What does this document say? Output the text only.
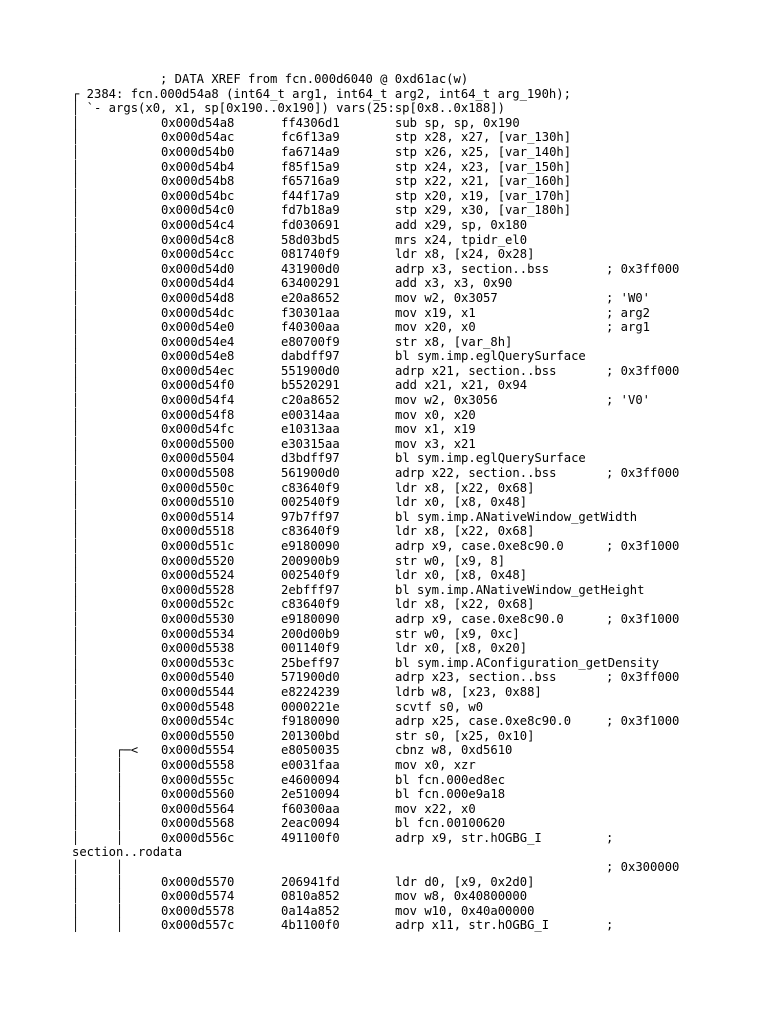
; DATA XREF from fcn.000d6040 @ 0xd61ac(w)

┌ 2384: fcn.000d54a8 (int64_t arg1, int64_t arg2, int64_t arg_190h);

│ `- args(x0, x1, sp[0x190..0x190]) vars(25:sp[0x8..0x188])

│	0x000d54a8	ff4306d1	sub sp, sp, 0x190
│	0x000d54ac	fc6f13a9	stp x28, x27, [var_130h]
│	0x000d54b0	fa6714a9	stp x26, x25, [var_140h]
│	0x000d54b4	f85f15a9	stp x24, x23, [var_150h]
│	0x000d54b8	f65716a9	stp x22, x21, [var_160h]
│	0x000d54bc	f44f17a9	stp x20, x19, [var_170h]
│	0x000d54c0	fd7b18a9	stp x29, x30, [var_180h]
│	0x000d54c4	fd030691	add x29, sp, 0x180
│	0x000d54c8	58d03bd5	mrs x24, tpidr_el0
│	0x000d54cc	081740f9	ldr x8, [x24, 0x28]
│	0x000d54d0	431900d0	adrp x3, section..bss	; 0x3ff000
│	0x000d54d4	63400291	add x3, x3, 0x90
│	0x000d54d8	e20a8652	mov w2, 0x3057	; 'W0'
│	0x000d54dc	f30301aa	mov x19, x1	; arg2
│	0x000d54e0	f40300aa	mov x20, x0	; arg1
│	0x000d54e4	e80700f9	str x8, [var_8h]
│	0x000d54e8	dabdff97	bl sym.imp.eglQuerySurface
│	0x000d54ec	551900d0	adrp x21, section..bss	; 0x3ff000
│	0x000d54f0	b5520291	add x21, x21, 0x94
│	0x000d54f4	c20a8652	mov w2, 0x3056	; 'V0'
│	0x000d54f8	e00314aa	mov x0, x20
│	0x000d54fc	e10313aa	mov x1, x19
│	0x000d5500	e30315aa	mov x3, x21
│	0x000d5504	d3bdff97	bl sym.imp.eglQuerySurface
│	0x000d5508	561900d0	adrp x22, section..bss	; 0x3ff000
│	0x000d550c	c83640f9	ldr x8, [x22, 0x68]
│	0x000d5510	002540f9	ldr x0, [x8, 0x48]
│	0x000d5514	97b7ff97	bl sym.imp.ANativeWindow_getWidth
│	0x000d5518	c83640f9	ldr x8, [x22, 0x68]
│	0x000d551c	e9180090	adrp x9, case.0xe8c90.0	; 0x3f1000
│	0x000d5520	200900b9	str w0, [x9, 8]
│	0x000d5524	002540f9	ldr x0, [x8, 0x48]
│	0x000d5528	2ebfff97	bl sym.imp.ANativeWindow_getHeight
│	0x000d552c	c83640f9	ldr x8, [x22, 0x68]
│	0x000d5530	e9180090	adrp x9, case.0xe8c90.0	; 0x3f1000
│	0x000d5534	200d00b9	str w0, [x9, 0xc]
│	0x000d5538	001140f9	ldr x0, [x8, 0x20]
│	0x000d553c	25beff97	bl sym.imp.AConfiguration_getDensity
│	0x000d5540	571900d0	adrp x23, section..bss	; 0x3ff000
│	0x000d5544	e8224239	ldrb w8, [x23, 0x88]
│	0x000d5548	0000221e	scvtf s0, w0
│	0x000d554c	f9180090	adrp x25, case.0xe8c90.0	; 0x3f1000
│	0x000d5550	201300bd	str s0, [x25, 0x10]
│     ┌─< 0x000d5554	e8050035	cbnz w8, 0xd5610
│     │	0x000d5558	e0031faa	mov x0, xzr
│     │	0x000d555c	e4600094	bl fcn.000ed8ec
│     │	0x000d5560	2e510094	bl fcn.000e9a18
│     │	0x000d5564	f60300aa	mov x22, x0
│     │	0x000d5568	2eac0094	bl fcn.00100620
│     │	0x000d556c	491100f0	adrp x9, str.hOGBG_I	;

section..rodata

│     │

	; 0x300000

│     │	0x000d5570	206941fd	ldr d0, [x9, 0x2d0]
│     │	0x000d5574	0810a852	mov w8, 0x40800000
│     │	0x000d5578	0a14a852	mov w10, 0x40a00000
│     │	0x000d557c	4b1100f0	adrp x11, str.hOGBG_I	;
